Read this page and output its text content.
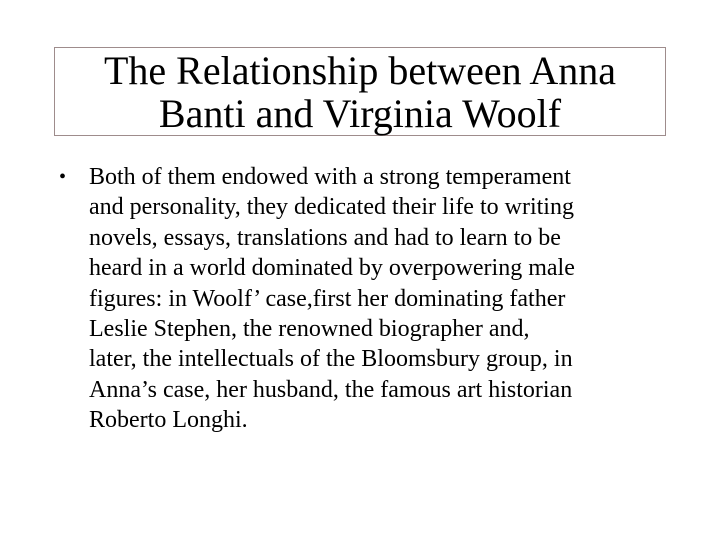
The Relationship between Anna
Banti and Virginia Woolf
• Both of them endowed with a strong temperament
and personality, they dedicated their life to writing
novels, essays, translations and had to learn to be
heard in a world dominated by overpowering male
figures: in Woolf’ case,first her dominating father
Leslie Stephen, the renowned biographer and,
later, the intellectuals of the Bloomsbury group, in
Anna’s case, her husband, the famous art historian
Roberto Longhi.
